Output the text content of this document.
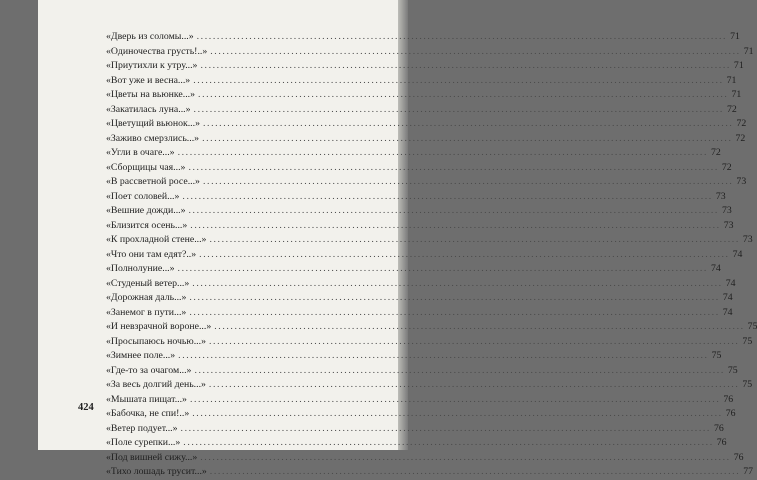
«Дверь из соломы...» .....	71
«Одиночества грусть!..» .....	71
«Приутихли к утру...» .....	71
«Вот уже и весна...» .....	71
«Цветы на вьюнке...» .....	71
«Закатилась луна...» .....	72
«Цветущий вьюнок...» .....	72
«Заживо смерзлись...» .....	72
«Угли в очаге...» .....	72
«Сборщицы чая...» .....	72
«В рассветной росе...» .....	73
«Поет соловей...» .....	73
«Вешние дожди...» .....	73
«Близится осень...» .....	73
«К прохладной стене...» .....	73
«Что они там едят?..» .....	74
«Полнолуние...» .....	74
«Студеный ветер...» .....	74
«Дорожная даль...» .....	74
«Занемог в пути...» .....	74
«И невзрачной вороне...» .....	75
«Просыпаюсь ночью...» .....	75
«Зимнее поле...» .....	75
«Где-то за очагом...» .....	75
«За весь долгий день...» .....	75
«Мышата пищат...» .....	76
«Бабочка, не спи!..» .....	76
«Ветер подует...» .....	76
«Поле сурепки...» .....	76
«Под вишней сижу...» .....	76
«Тихо лошадь трусит...» .....	77
424
